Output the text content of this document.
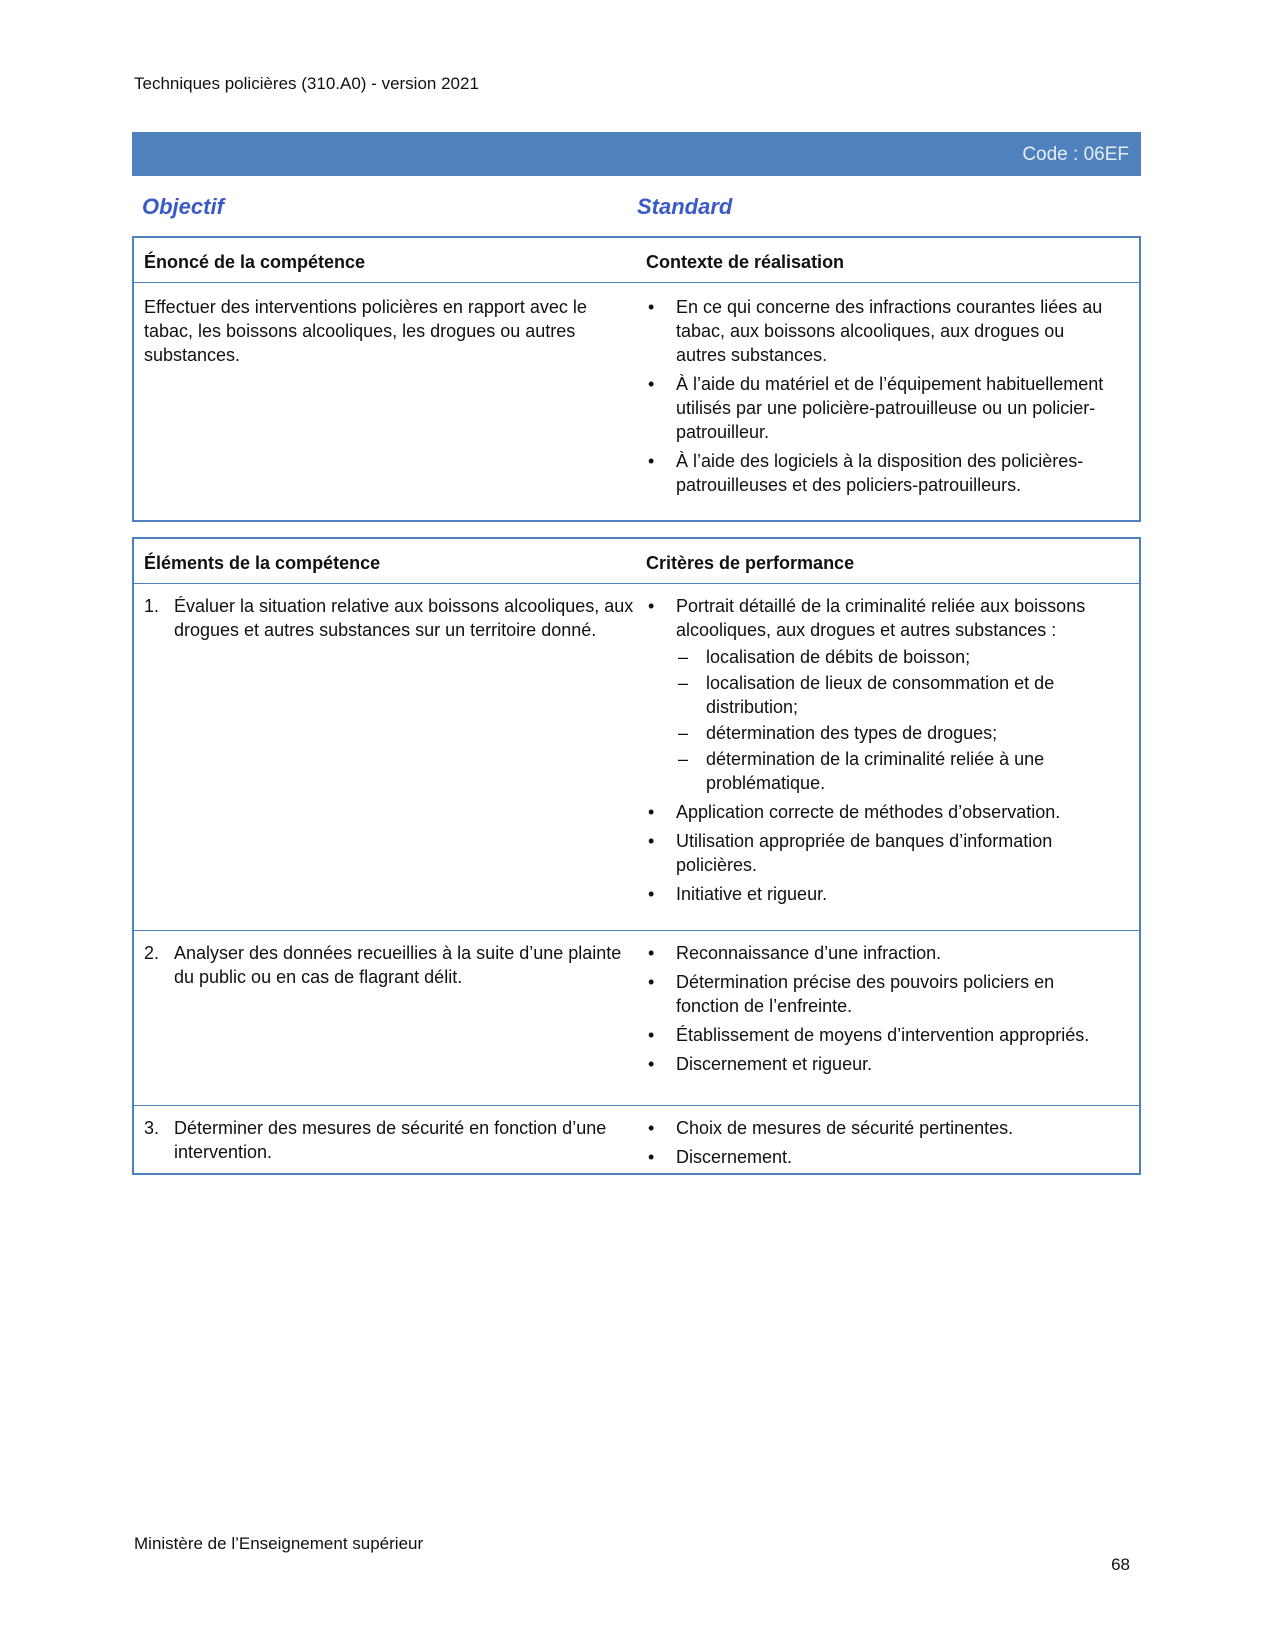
Techniques policières (310.A0) - version 2021
Code : 06EF
Objectif	Standard
Énoncé de la compétence	Contexte de réalisation
Effectuer des interventions policières en rapport avec le tabac, les boissons alcooliques, les drogues ou autres substances.
• En ce qui concerne des infractions courantes liées au tabac, aux boissons alcooliques, aux drogues ou autres substances.
• À l’aide du matériel et de l’équipement habituellement utilisés par une policière-patrouilleuse ou un policier-patrouilleur.
• À l’aide des logiciels à la disposition des policières-patrouilleuses et des policiers-patrouilleurs.
Éléments de la compétence	Critères de performance
1. Évaluer la situation relative aux boissons alcooliques, aux drogues et autres substances sur un territoire donné.
• Portrait détaillé de la criminalité reliée aux boissons alcooliques, aux drogues et autres substances :
– localisation de débits de boisson;
– localisation de lieux de consommation et de distribution;
– détermination des types de drogues;
– détermination de la criminalité reliée à une problématique.
• Application correcte de méthodes d’observation.
• Utilisation appropriée de banques d’information policières.
• Initiative et rigueur.
2. Analyser des données recueillies à la suite d’une plainte du public ou en cas de flagrant délit.
• Reconnaissance d’une infraction.
• Détermination précise des pouvoirs policiers en fonction de l’enfreinte.
• Établissement de moyens d’intervention appropriés.
• Discernement et rigueur.
3. Déterminer des mesures de sécurité en fonction d’une intervention.
• Choix de mesures de sécurité pertinentes.
• Discernement.
Ministère de l’Enseignement supérieur
68
